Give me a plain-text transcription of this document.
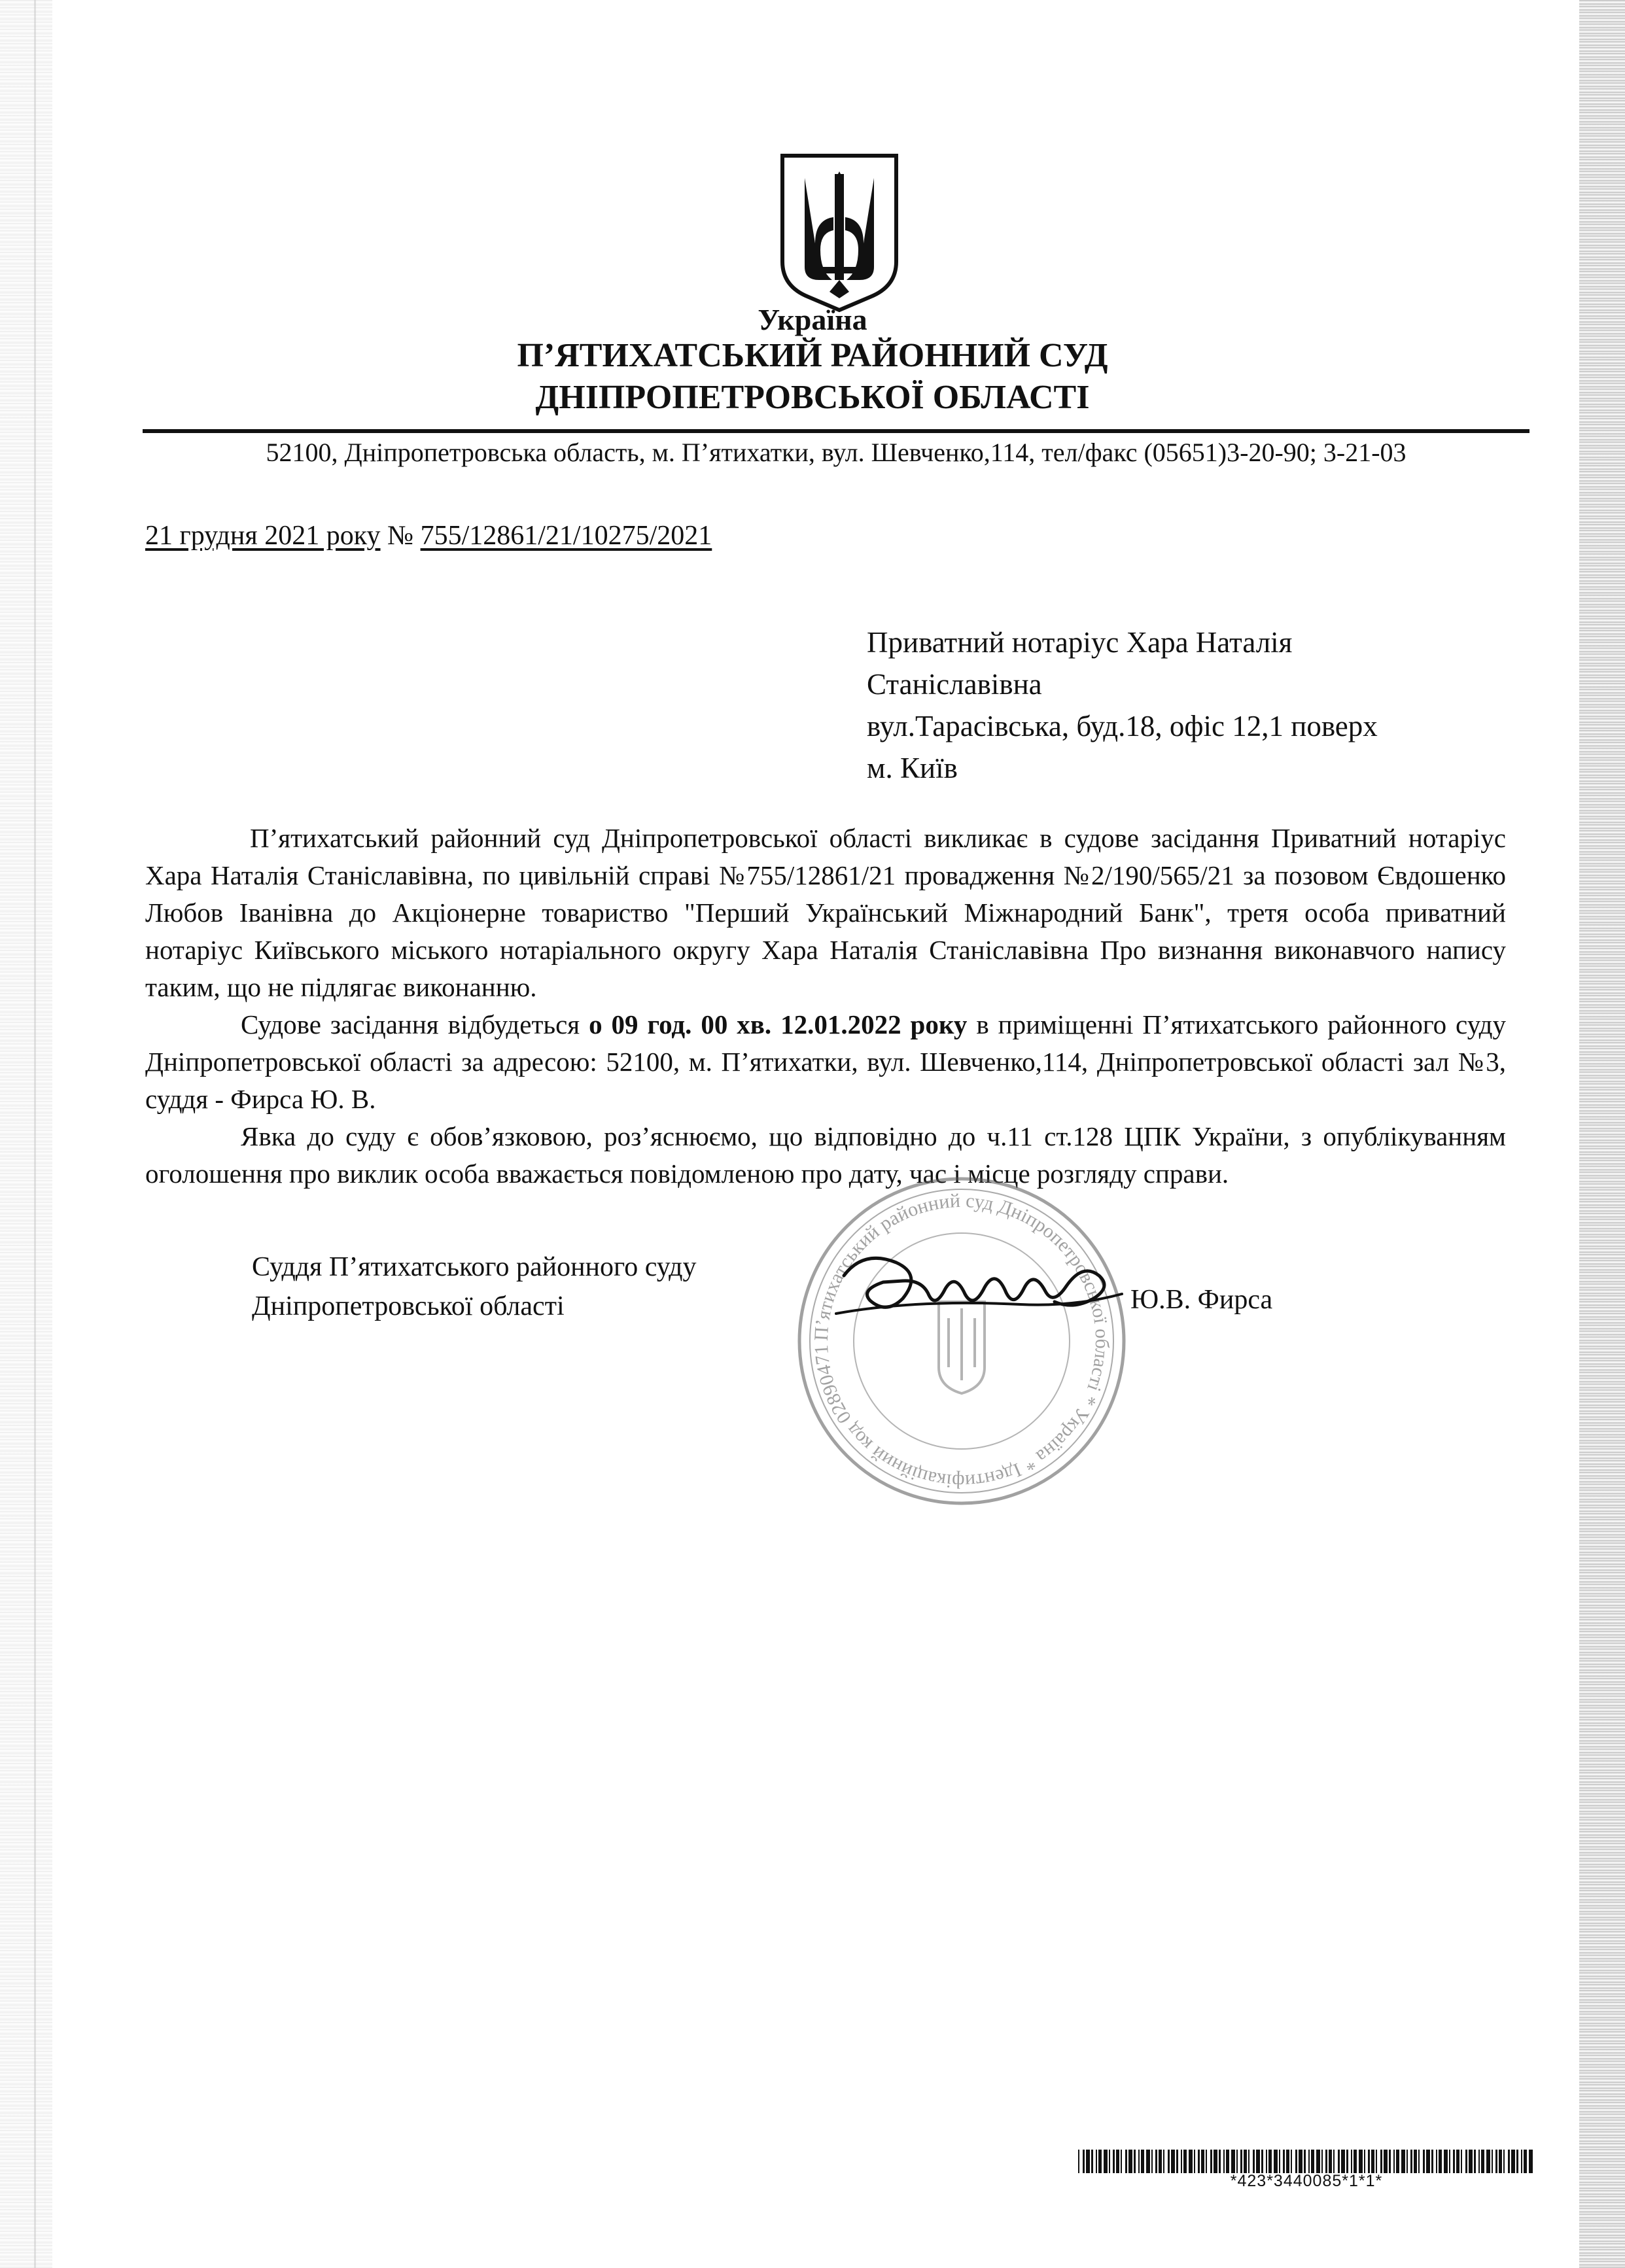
Україна
П’ЯТИХАТСЬКИЙ РАЙОННИЙ СУД
ДНІПРОПЕТРОВСЬКОЇ ОБЛАСТІ
52100, Дніпропетровська область, м. П’ятихатки, вул. Шевченко,114, тел/факс (05651)3-20-90; 3-21-03
21 грудня 2021 року № 755/12861/21/10275/2021
Приватний нотаріус Хара Наталія
Станіславівна
вул.Тарасівська, буд.18, офіс 12,1 поверх
м. Київ

П’ятихатський районний суд Дніпропетровської області викликає в судове засідання Приватний нотаріус Хара Наталія Станіславівна, по цивільній справі №755/12861/21 провадження №2/190/565/21 за позовом Євдошенко Любов Іванівна до Акціонерне товариство "Перший Український Міжнародний Банк", третя особа приватний нотаріус Київського міського нотаріального округу Хара Наталія Станіславівна Про визнання виконавчого напису таким, що не підлягає виконанню.

Судове засідання відбудеться о 09 год. 00 хв. 12.01.2022 року в приміщенні П’ятихатського районного суду Дніпропетровської області за адресою: 52100, м. П’ятихатки, вул. Шевченко,114, Дніпропетровської області зал №3, суддя - Фирса Ю. В.

Явка до суду є обов’язковою, роз’яснюємо, що відповідно до ч.11 ст.128 ЦПК України, з опублікуванням оголошення про виклик особа вважається повідомленою про дату, час і місце розгляду справи.

Суддя П’ятихатського районного суду
Дніпропетровської області
П’ятихатський районний суд Дніпропетровської області * Україна * Ідентифікаційний код 02890471
Ю.В. Фирса
*423*3440085*1*1*
